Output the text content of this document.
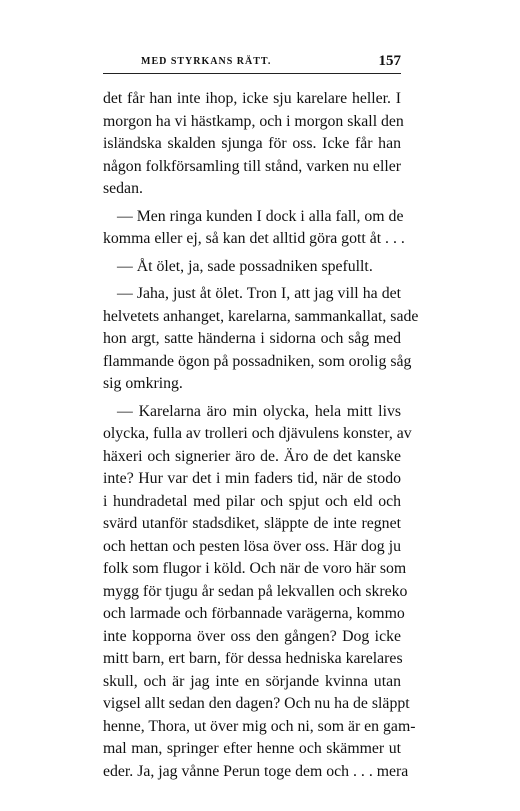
MED STYRKANS RÄTT.	157
det får han inte ihop, icke sju karelare heller. I
morgon ha vi hästkamp, och i morgon skall den
isländska skalden sjunga för oss. Icke får han
någon folkförsamling till stånd, varken nu eller
sedan.
— Men ringa kunden I dock i alla fall, om de
komma eller ej, så kan det alltid göra gott åt . . .
— Åt ölet, ja, sade possadniken spefullt.
— Jaha, just åt ölet. Tron I, att jag vill ha det
helvetets anhanget, karelarna, sammankallat, sade
hon argt, satte händerna i sidorna och såg med
flammande ögon på possadniken, som orolig såg
sig omkring.
— Karelarna äro min olycka, hela mitt livs
olycka, fulla av trolleri och djävulens konster, av
häxeri och signerier äro de. Äro de det kanske
inte? Hur var det i min faders tid, när de stodo
i hundradetal med pilar och spjut och eld och
svärd utanför stadsdiket, släppte de inte regnet
och hettan och pesten lösa över oss. Här dog ju
folk som flugor i köld. Och när de voro här som
mygg för tjugu år sedan på lekvallen och skreko
och larmade och förbannade varägerna, kommo
inte kopporna över oss den gången? Dog icke
mitt barn, ert barn, för dessa hedniska karelares
skull, och är jag inte en sörjande kvinna utan
vigsel allt sedan den dagen? Och nu ha de släppt
henne, Thora, ut över mig och ni, som är en gam-
mal man, springer efter henne och skämmer ut
eder. Ja, jag vånne Perun toge dem och . . . mera
